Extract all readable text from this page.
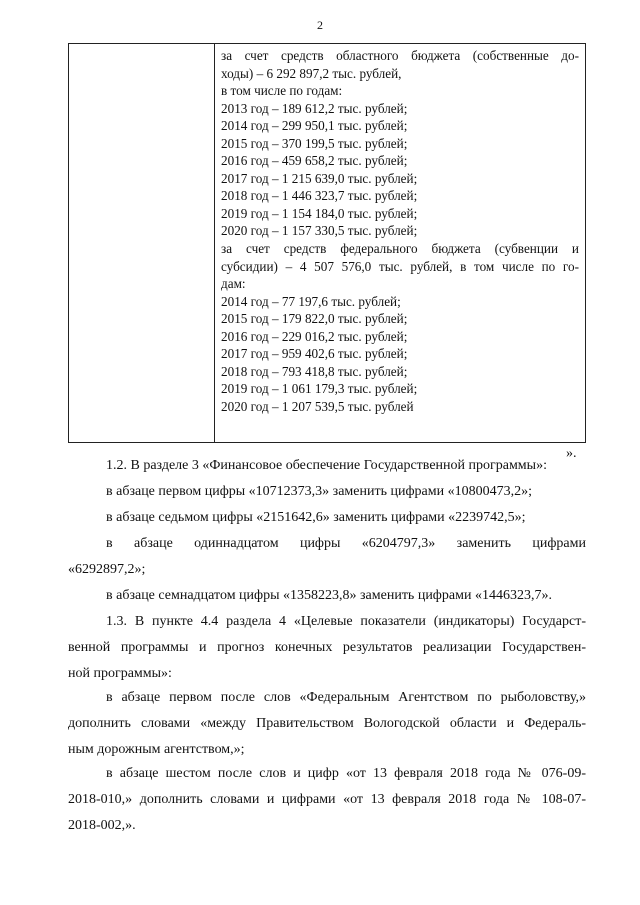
2
за счет средств областного бюджета (собственные до-
ходы) – 6 292 897,2 тыс. рублей,
в том числе по годам:
2013 год – 189 612,2 тыс. рублей;
2014 год – 299 950,1 тыс. рублей;
2015 год – 370 199,5 тыс. рублей;
2016 год – 459 658,2 тыс. рублей;
2017 год – 1 215 639,0 тыс. рублей;
2018 год – 1 446 323,7 тыс. рублей;
2019 год – 1 154 184,0 тыс. рублей;
2020 год – 1 157 330,5 тыс. рублей;
за счет средств федерального бюджета (субвенции и
субсидии) – 4 507 576,0 тыс. рублей, в том числе по го-
дам:
2014 год – 77 197,6 тыс. рублей;
2015 год – 179 822,0 тыс. рублей;
2016 год – 229 016,2 тыс. рублей;
2017 год – 959 402,6 тыс. рублей;
2018 год – 793 418,8 тыс. рублей;
2019 год – 1 061 179,3 тыс. рублей;
2020 год – 1 207 539,5 тыс. рублей
».
1.2. В разделе 3 «Финансовое обеспечение Государственной программы»:
в абзаце первом цифры «10712373,3» заменить цифрами «10800473,2»;
в абзаце седьмом цифры «2151642,6» заменить цифрами «2239742,5»;
в абзаце одиннадцатом цифры «6204797,3» заменить цифрами
«6292897,2»;
в абзаце семнадцатом цифры «1358223,8» заменить цифрами «1446323,7».
1.3. В пункте 4.4 раздела 4 «Целевые показатели (индикаторы) Государст-
венной программы и прогноз конечных результатов реализации Государствен-
ной программы»:
в абзаце первом после слов «Федеральным Агентством по рыболовству,»
дополнить словами «между Правительством Вологодской области и Федераль-
ным дорожным агентством,»;
в абзаце шестом после слов и цифр «от 13 февраля 2018 года № 076-09-
2018-010,» дополнить словами и цифрами «от 13 февраля 2018 года № 108-07-
2018-002,».
